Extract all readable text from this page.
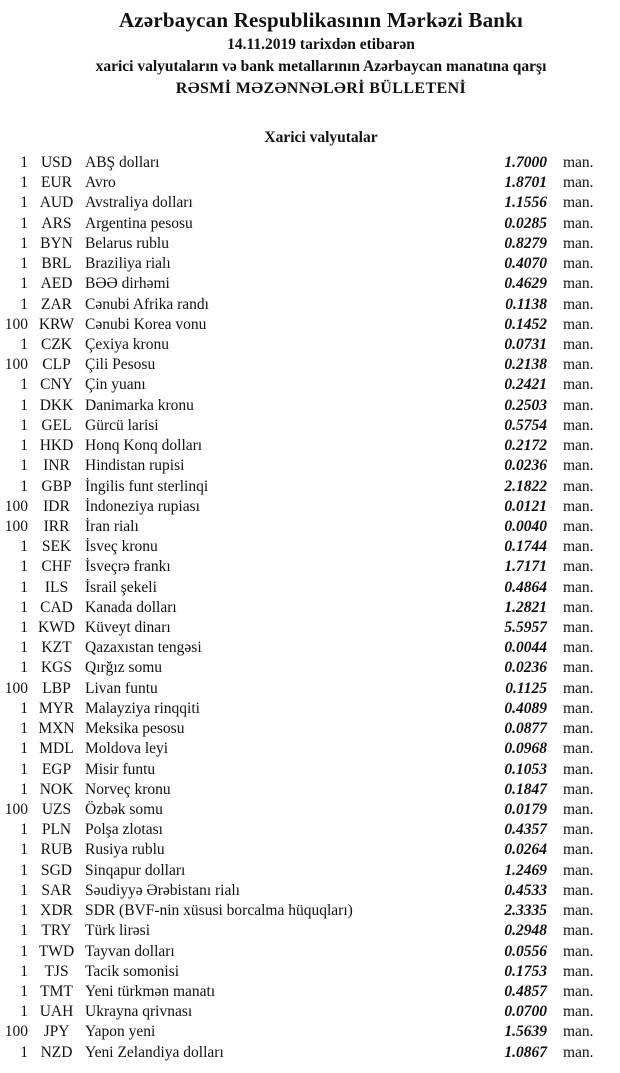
Azərbaycan Respublikasının Mərkəzi Bankı
14.11.2019 tarixdən etibarən
xarici valyutaların və bank metallarının Azərbaycan manatına qarşı
RƏSMİ MƏZƏNNƏLƏRİ BÜLLETENİ
Xarici valyutalar
1 USD ABŞ dolları	1.7000 man.
1 EUR Avro	1.8701 man.
1 AUD Avstraliya dolları	1.1556 man.
1 ARS Argentina pesosu	0.0285 man.
1 BYN Belarus rublu	0.8279 man.
1 BRL Braziliya rialı	0.4070 man.
1 AED BƏƏ dirhəmi	0.4629 man.
1 ZAR Cənubi Afrika randı	0.1138 man.
100 KRW Cənubi Korea vonu	0.1452 man.
1 CZK Çexiya kronu	0.0731 man.
100 CLP Çili Pesosu	0.2138 man.
1 CNY Çin yuanı	0.2421 man.
1 DKK Danimarka kronu	0.2503 man.
1 GEL Gürcü larisi	0.5754 man.
1 HKD Honq Konq dolları	0.2172 man.
1 INR Hindistan rupisi	0.0236 man.
1 GBP İngilis funt sterlinqi	2.1822 man.
100 IDR İndoneziya rupiası	0.0121 man.
100	IRR	İran rialı	0.0040 man.
1 SEK İsveç kronu	0.1744 man.
1 CHF İsveçrə frankı	1.7171 man.
1	ILS	İsrail şekeli	0.4864 man.
1 CAD Kanada dolları	1.2821 man.
1 KWD Küveyt dinarı	5.5957 man.
1 KZT Qazaxıstan tengəsi	0.0044 man.
1 KGS Qırğız somu	0.0236 man.
100 LBP Livan funtu	0.1125 man.
1 MYR Malayziya rinqqiti	0.4089 man.
1 MXN Meksika pesosu	0.0877 man.
1 MDL Moldova leyi	0.0968 man.
1 EGP Misir funtu	0.1053 man.
1 NOK Norveç kronu	0.1847 man.
100 UZS Özbək somu	0.0179 man.
1 PLN Polşa zlotası	0.4357 man.
1 RUB Rusiya rublu	0.0264 man.
1 SGD Sinqapur dolları	1.2469 man.
1 SAR Səudiyyə Ərəbistanı rialı	0.4533 man.
1 XDR SDR (BVF-nin xüsusi borcalma hüquqları)	2.3335 man.
1 TRY Türk lirəsi	0.2948 man.
1 TWD Tayvan dolları	0.0556 man.
1	TJS	Tacik somonisi	0.1753 man.
1 TMT Yeni türkmən manatı	0.4857 man.
1 UAH Ukrayna qrivnası	0.0700 man.
100	JPY	Yapon yeni	1.5639 man.
1 NZD Yeni Zelandiya dolları	1.0867 man.
